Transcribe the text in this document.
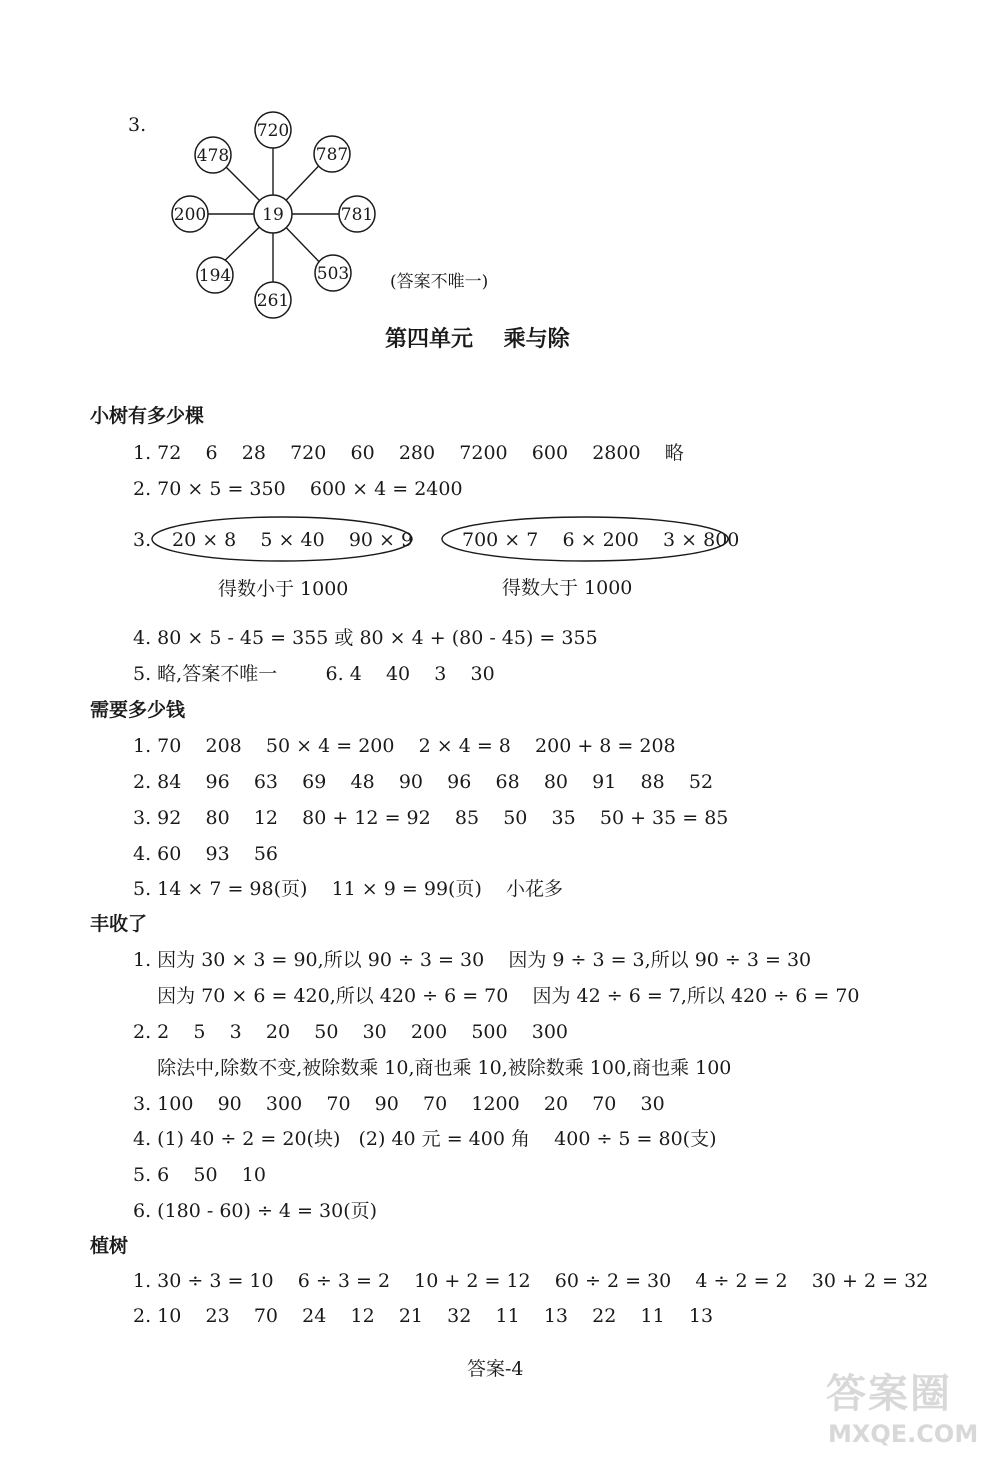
3.
19
720
787
781
503
261
194
200
478
(答案不唯一)
第四单元    乘与除
小树有多少棵
1. 72    6    28    720    60    280    7200    600    2800    略
2. 70 × 5 = 350    600 × 4 = 2400
3. 20 × 8    5 × 40    90 × 9	700 × 7    6 × 200    3 × 800
得数小于 1000	得数大于 1000
4. 80 × 5 - 45 = 355 或 80 × 4 + (80 - 45) = 355
5. 略,答案不唯一        6. 4    40    3    30
需要多少钱
1. 70    208    50 × 4 = 200    2 × 4 = 8    200 + 8 = 208
2. 84    96    63    69    48    90    96    68    80    91    88    52
3. 92    80    12    80 + 12 = 92    85    50    35    50 + 35 = 85
4. 60    93    56
5. 14 × 7 = 98(页)    11 × 9 = 99(页)    小花多
丰收了
1. 因为 30 × 3 = 90,所以 90 ÷ 3 = 30    因为 9 ÷ 3 = 3,所以 90 ÷ 3 = 30
因为 70 × 6 = 420,所以 420 ÷ 6 = 70    因为 42 ÷ 6 = 7,所以 420 ÷ 6 = 70
2. 2    5    3    20    50    30    200    500    300
除法中,除数不变,被除数乘 10,商也乘 10,被除数乘 100,商也乘 100
3. 100    90    300    70    90    70    1200    20    70    30
4. (1) 40 ÷ 2 = 20(块)   (2) 40 元 = 400 角    400 ÷ 5 = 80(支)
5. 6    50    10
6. (180 - 60) ÷ 4 = 30(页)
植树
1. 30 ÷ 3 = 10    6 ÷ 3 = 2    10 + 2 = 12    60 ÷ 2 = 30    4 ÷ 2 = 2    30 + 2 = 32
2. 10    23    70    24    12    21    32    11    13    22    11    13
答案-4
答案圈
MXQE.COM
